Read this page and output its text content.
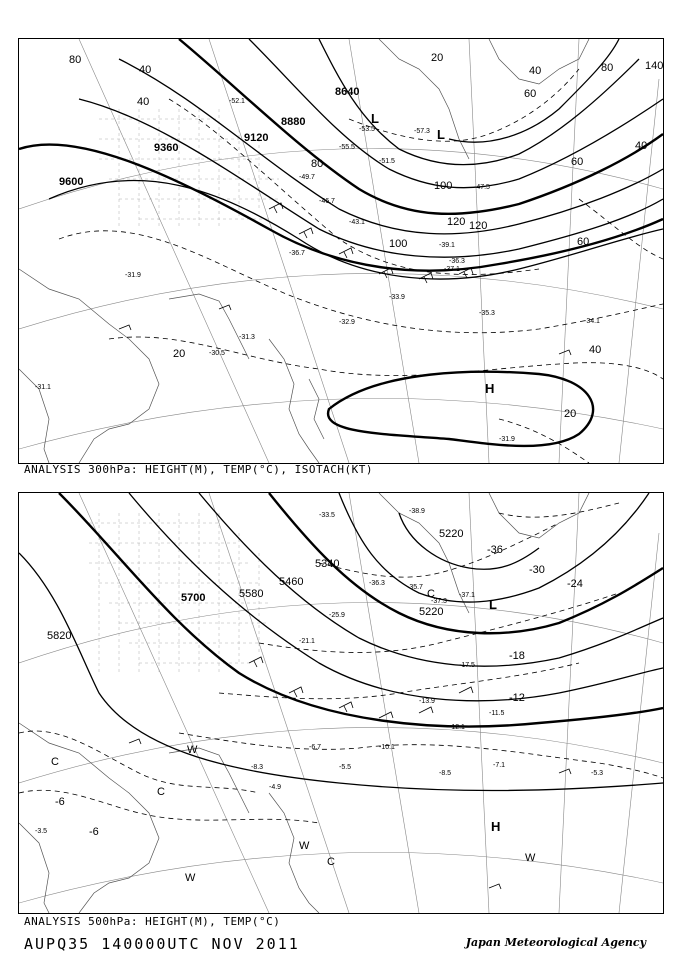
9600
9360
9120
8880
8640
80
40
40
100
120
100
80
60
40
60
60
20	40
20
80
40
20
120
140
-31.1
-30.5
-31.3
-32.9
-33.9
-35.3
-34.1
-31.9
-36.7
-37.1
-39.1
-43.1
-46.7
-49.7
-52.1
-53.5
-55.5
-57.3
-51.5
-47.5
-36.3
-31.9
L
L
H
ANALYSIS 300hPa: HEIGHT(M), TEMP(°C), ISOTACH(KT)
5820
5700	5580
5460
5340
5220
5220
-36
-30
-24
-18
-12
-6
-6
-33.5
-35.7
-36.3
-37.1
-38.9
-37.3
-25.9
-21.1
-17.5
-13.9
-12.1
-11.5
-10.1
-8.5
-7.1
-5.3
-8.3
-6.7
-5.5
-4.9
-3.5
L
H
C
W
W
C	W
C
C
W
ANALYSIS 500hPa: HEIGHT(M), TEMP(°C)
AUPQ35 140000UTC NOV 2011	Japan Meteorological Agency
